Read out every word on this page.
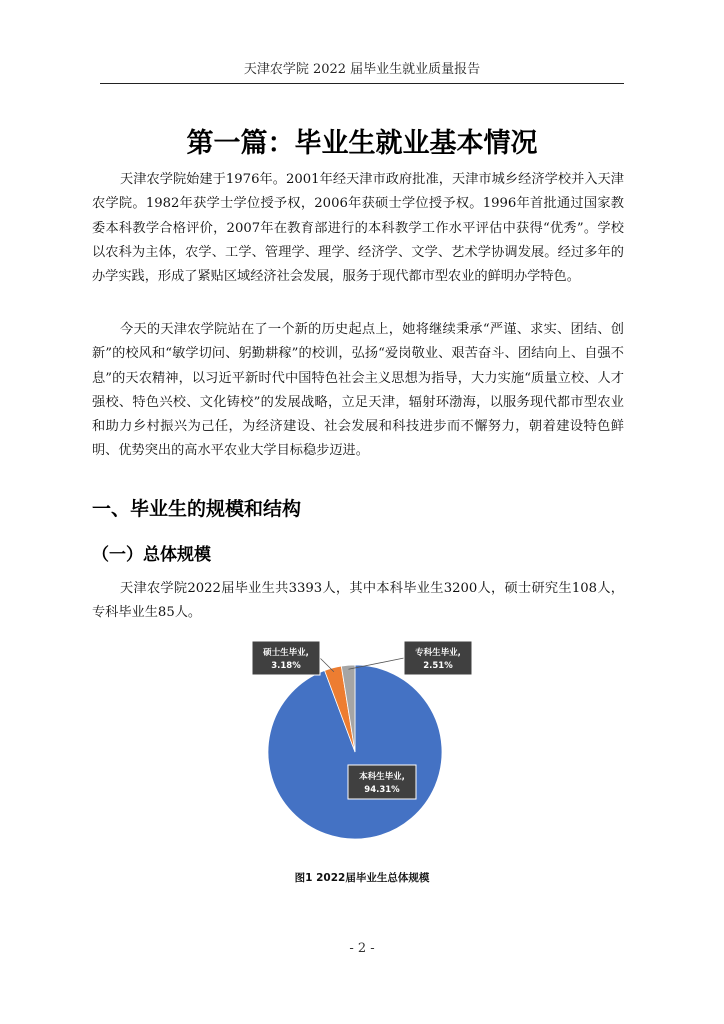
天津农学院 2022 届毕业生就业质量报告
第一篇：毕业生就业基本情况

天津农学院始建于1976年。2001年经天津市政府批准，天津市城乡经济学校并入天津农学院。1982年获学士学位授予权，2006年获硕士学位授予权。1996年首批通过国家教委本科教学合格评价，2007年在教育部进行的本科教学工作水平评估中获得“优秀”。学校以农科为主体，农学、工学、管理学、理学、经济学、文学、艺术学协调发展。经过多年的办学实践，形成了紧贴区域经济社会发展，服务于现代都市型农业的鲜明办学特色。

今天的天津农学院站在了一个新的历史起点上，她将继续秉承“严谨、求实、团结、创新”的校风和“敏学切问、躬勤耕稼”的校训，弘扬“爱岗敬业、艰苦奋斗、团结向上、自强不息”的天农精神，以习近平新时代中国特色社会主义思想为指导，大力实施“质量立校、人才强校、特色兴校、文化铸校”的发展战略，立足天津，辐射环渤海，以服务现代都市型农业和助力乡村振兴为己任，为经济建设、社会发展和科技进步而不懈努力，朝着建设特色鲜明、优势突出的高水平农业大学目标稳步迈进。

一、毕业生的规模和结构
（一）总体规模

天津农学院2022届毕业生共3393人，其中本科毕业生3200人，硕士研究生108人，专科毕业生85人。

本科生毕业,
94.31%
硕士生毕业,
3.18%
专科生毕业,
2.51%
图1 2022届毕业生总体规模
- 2 -
